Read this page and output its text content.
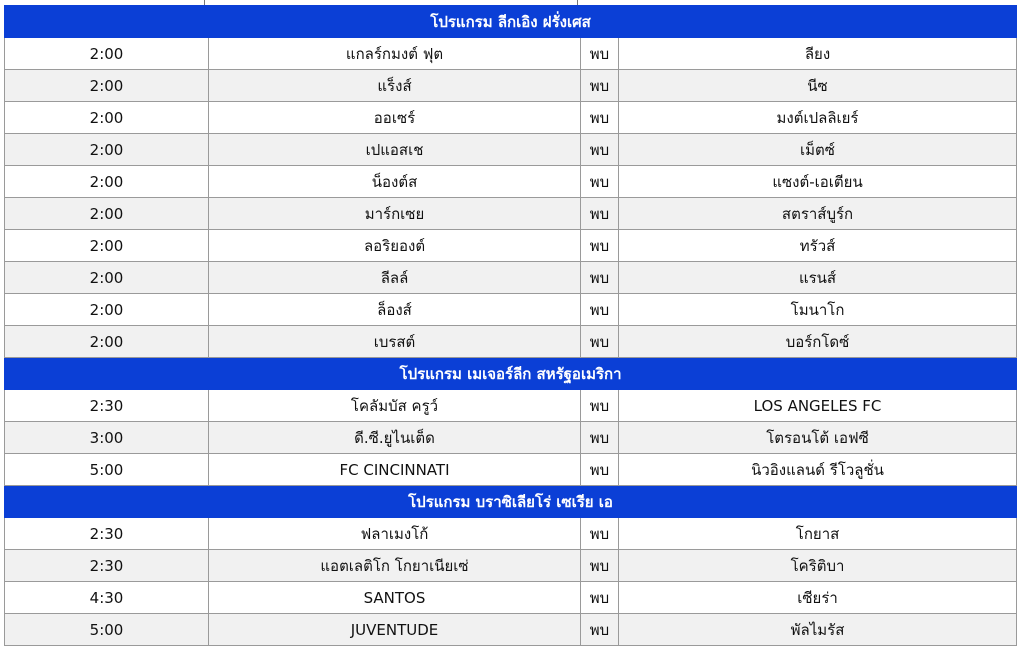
โปรแกรม ลีกเอิง ฝรั่งเศส			
2:00	แกลร์กมงต์ ฟุต	พบ	ลียง
2:00	แร็งส์	พบ	นีซ
2:00	ออเซร์	พบ	มงต์เปลลิเยร์
2:00	เปแอสเช	พบ	เม็ตซ์
2:00	น็องต์ส	พบ	แซงต์-เอเตียน
2:00	มาร์กเซย	พบ	สตราส์บูร์ก
2:00	ลอริยองต์	พบ	ทรัวส์
2:00	ลีลล์	พบ	แรนส์
2:00	ล็องส์	พบ	โมนาโก
2:00	เบรสต์	พบ	บอร์กโดซ์
โปรแกรม เมเจอร์ลีก สหรัฐอเมริกา			
2:30	โคลัมบัส ครูว์	พบ	LOS ANGELES FC
3:00	ดี.ซี.ยูไนเต็ด	พบ	โตรอนโต้ เอฟซี
5:00	FC CINCINNATI	พบ	นิวอิงแลนด์ รีโวลูชั่น
โปรแกรม บราซิเลียโร่ เซเรีย เอ			
2:30	ฟลาเมงโก้	พบ	โกยาส
2:30	แอตเลติโก โกยาเนียเซ่	พบ	โคริติบา
4:30	SANTOS	พบ	เซียร่า
5:00	JUVENTUDE	พบ	พัลไมรัส
